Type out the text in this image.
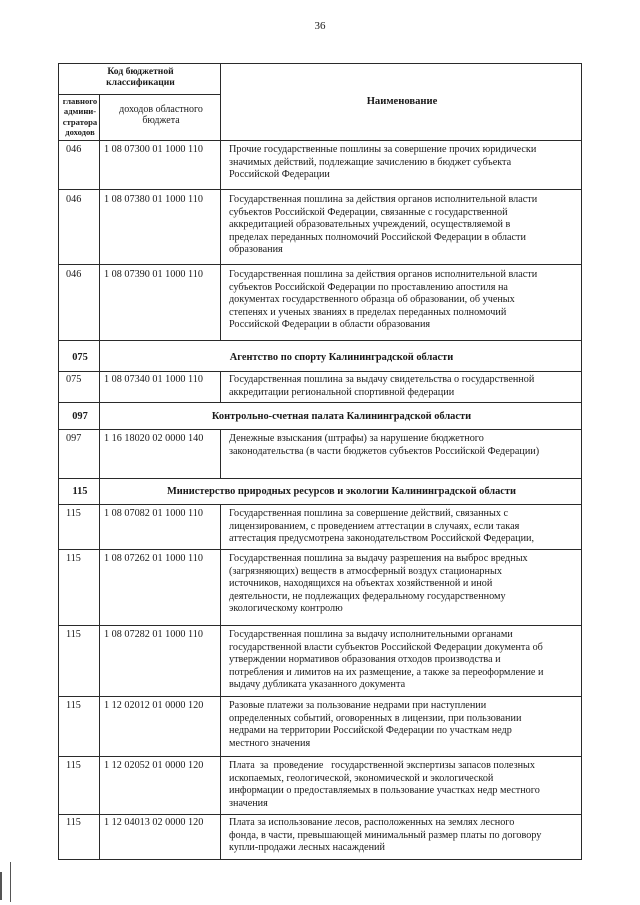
36
Код бюджетной
классификации
главного
админи-
стратора
доходов
доходов областного
бюджета
Наименование
046 1 08 07300 01 1000 110	Прочие государственные пошлины за совершение прочих юридически
значимых действий, подлежащие зачислению в бюджет субъекта
Российской Федерации
046 1 08 07380 01 1000 110	Государственная пошлина за действия органов исполнительной власти
субъектов Российской Федерации, связанные с государственной
аккредитацией образовательных учреждений, осуществляемой в
пределах переданных полномочий Российской Федерации в области
образования
046 1 08 07390 01 1000 110	Государственная пошлина за действия органов исполнительной власти
субъектов Российской Федерации по проставлению апостиля на
документах государственного образца об образовании, об ученых
степенях и ученых званиях в пределах переданных полномочий
Российской Федерации в области образования
075	Агентство по спорту Калининградской области
075 1 08 07340 01 1000 110	Государственная пошлина за выдачу свидетельства о государственной
аккредитации региональной спортивной федерации
097	Контрольно-счетная палата Калининградской области
097 1 16 18020 02 0000 140	Денежные взыскания (штрафы) за нарушение бюджетного
законодательства (в части бюджетов субъектов Российской Федерации)
115	Министерство природных ресурсов и экологии Калининградской области
115 1 08 07082 01 1000 110	Государственная пошлина за совершение действий, связанных с
лицензированием, с проведением аттестации в случаях, если такая
аттестация предусмотрена законодательством Российской Федерации,
115 1 08 07262 01 1000 110	Государственная пошлина за выдачу разрешения на выброс вредных
(загрязняющих) веществ в атмосферный воздух стационарных
источников, находящихся на объектах хозяйственной и иной
деятельности, не подлежащих федеральному государственному
экологическому контролю
115 1 08 07282 01 1000 110	Государственная пошлина за выдачу исполнительными органами
государственной власти субъектов Российской Федерации документа об
утверждении нормативов образования отходов производства и
потребления и лимитов на их размещение, а также за переоформление и
выдачу дубликата указанного документа
115 1 12 02012 01 0000 120	Разовые платежи за пользование недрами при наступлении
определенных событий, оговоренных в лицензии, при пользовании
недрами на территории Российской Федерации по участкам недр
местного значения
115 1 12 02052 01 0000 120	Плата  за  проведение   государственной экспертизы запасов полезных
ископаемых, геологической, экономической и экологической
информации о предоставляемых в пользование участках недр местного
значения
115 1 12 04013 02 0000 120	Плата за использование лесов, расположенных на землях лесного
фонда, в части, превышающей минимальный размер платы по договору
купли-продажи лесных насаждений
